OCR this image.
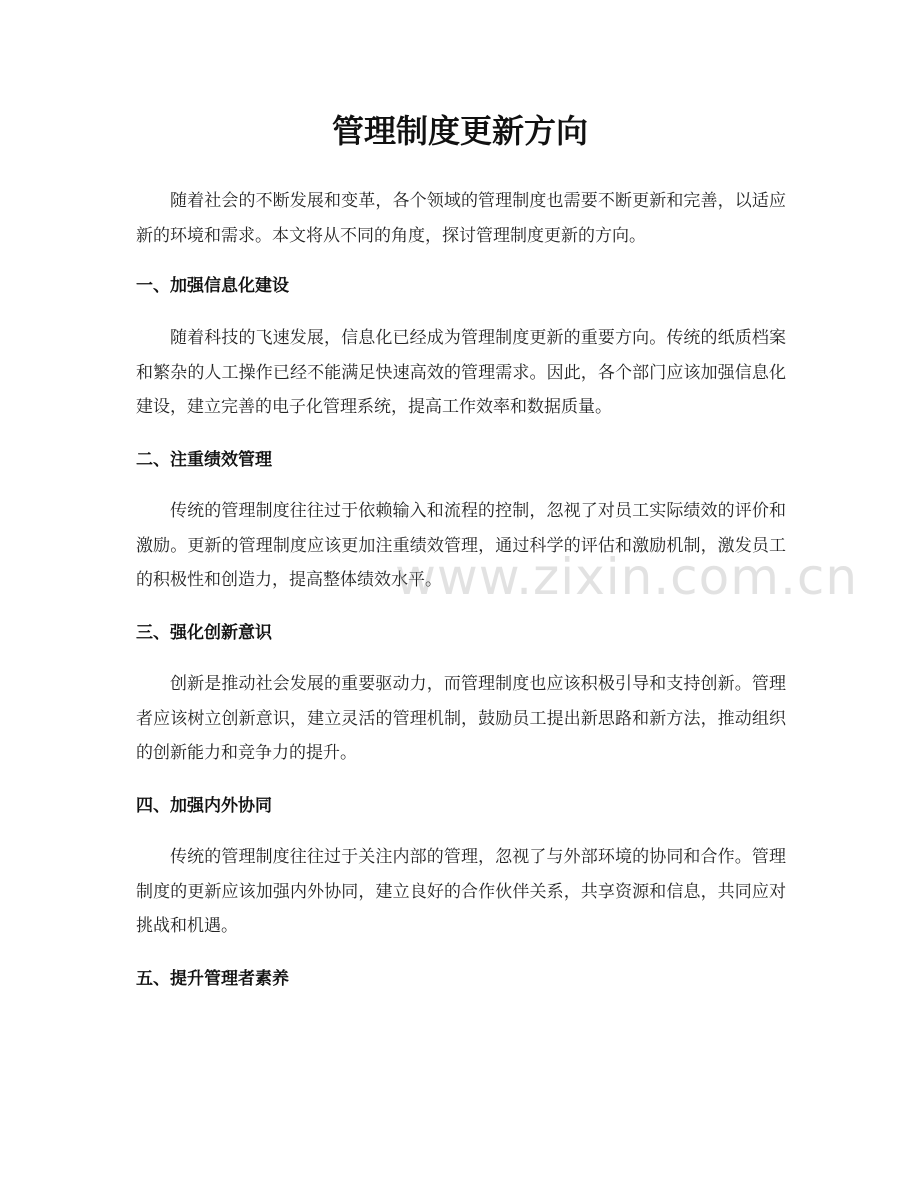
管理制度更新方向

随着社会的不断发展和变革，各个领域的管理制度也需要不断更新和完善，以适应新的环境和需求。本文将从不同的角度，探讨管理制度更新的方向。

一、加强信息化建设

随着科技的飞速发展，信息化已经成为管理制度更新的重要方向。传统的纸质档案和繁杂的人工操作已经不能满足快速高效的管理需求。因此，各个部门应该加强信息化建设，建立完善的电子化管理系统，提高工作效率和数据质量。

二、注重绩效管理

传统的管理制度往往过于依赖输入和流程的控制，忽视了对员工实际绩效的评价和激励。更新的管理制度应该更加注重绩效管理，通过科学的评估和激励机制，激发员工的积极性和创造力，提高整体绩效水平。

三、强化创新意识

创新是推动社会发展的重要驱动力，而管理制度也应该积极引导和支持创新。管理者应该树立创新意识，建立灵活的管理机制，鼓励员工提出新思路和新方法，推动组织的创新能力和竞争力的提升。

四、加强内外协同

传统的管理制度往往过于关注内部的管理，忽视了与外部环境的协同和合作。管理制度的更新应该加强内外协同，建立良好的合作伙伴关系，共享资源和信息，共同应对挑战和机遇。

五、提升管理者素养
www.zixin.com.cn
